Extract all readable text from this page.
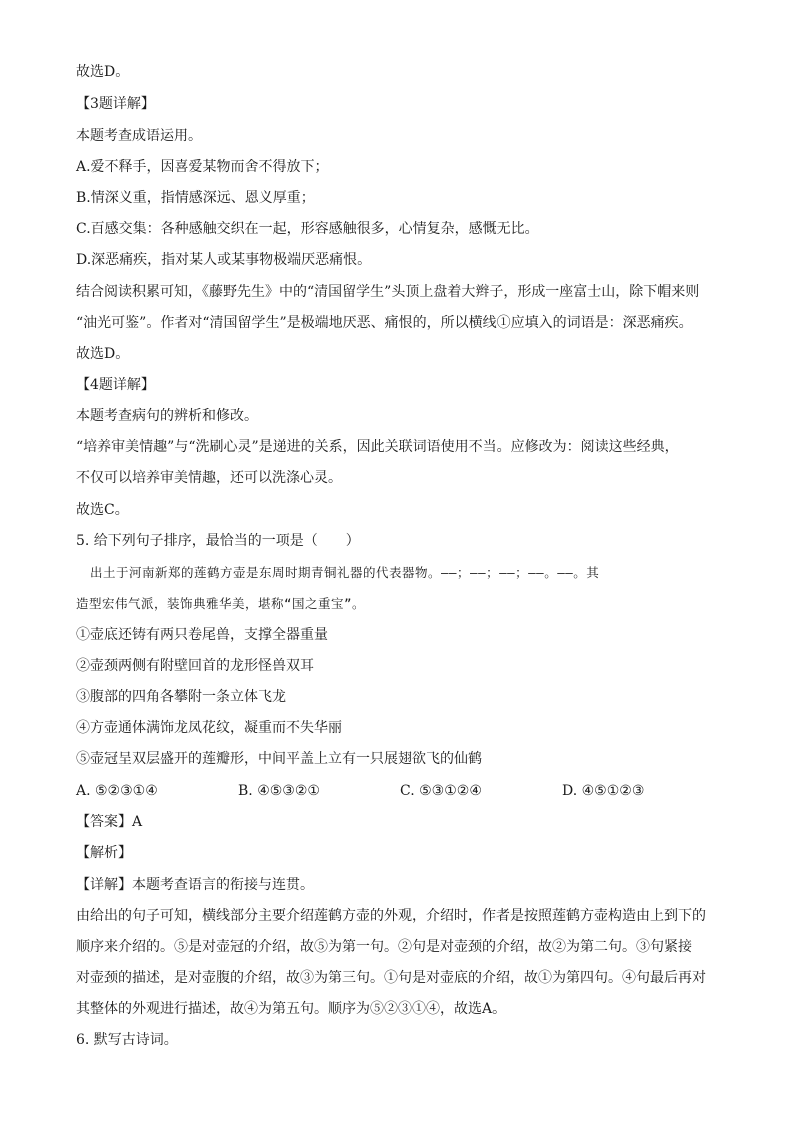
故选D。
【3题详解】
本题考查成语运用。
A.爱不释手，因喜爱某物而舍不得放下；
B.情深义重，指情感深远、恩义厚重；
C.百感交集：各种感触交织在一起，形容感触很多，心情复杂，感慨无比。
D.深恶痛疾，指对某人或某事物极端厌恶痛恨。
结合阅读积累可知，《藤野先生》中的“清国留学生”头顶上盘着大辫子，形成一座富士山，除下帽来则
“油光可鉴”。作者对“清国留学生”是极端地厌恶、痛恨的，所以横线①应填入的词语是：深恶痛疾。
故选D。
【4题详解】
本题考查病句的辨析和修改。
“培养审美情趣”与“洗刷心灵”是递进的关系，因此关联词语使用不当。应修改为：阅读这些经典，
不仅可以培养审美情趣，还可以洗涤心灵。
故选C。
5. 给下列句子排序，最恰当的一项是（　　）
出土于河南新郑的莲鹤方壶是东周时期青铜礼器的代表器物。——；——；——；——。——。其
造型宏伟气派，装饰典雅华美，堪称“国之重宝”。
①壶底还铸有两只卷尾兽，支撑全器重量
②壶颈两侧有附壁回首的龙形怪兽双耳
③腹部的四角各攀附一条立体飞龙
④方壶通体满饰龙凤花纹，凝重而不失华丽
⑤壶冠呈双层盛开的莲瓣形，中间平盖上立有一只展翅欲飞的仙鹤
A. ⑤②③①④	B. ④⑤③②①	C. ⑤③①②④	D. ④⑤①②③
【答案】A
【解析】
【详解】本题考查语言的衔接与连贯。
由给出的句子可知，横线部分主要介绍莲鹤方壶的外观，介绍时，作者是按照莲鹤方壶构造由上到下的
顺序来介绍的。⑤是对壶冠的介绍，故⑤为第一句。②句是对壶颈的介绍，故②为第二句。③句紧接
对壶颈的描述，是对壶腹的介绍，故③为第三句。①句是对壶底的介绍，故①为第四句。④句最后再对
其整体的外观进行描述，故④为第五句。顺序为⑤②③①④，故选A。
6. 默写古诗词。
